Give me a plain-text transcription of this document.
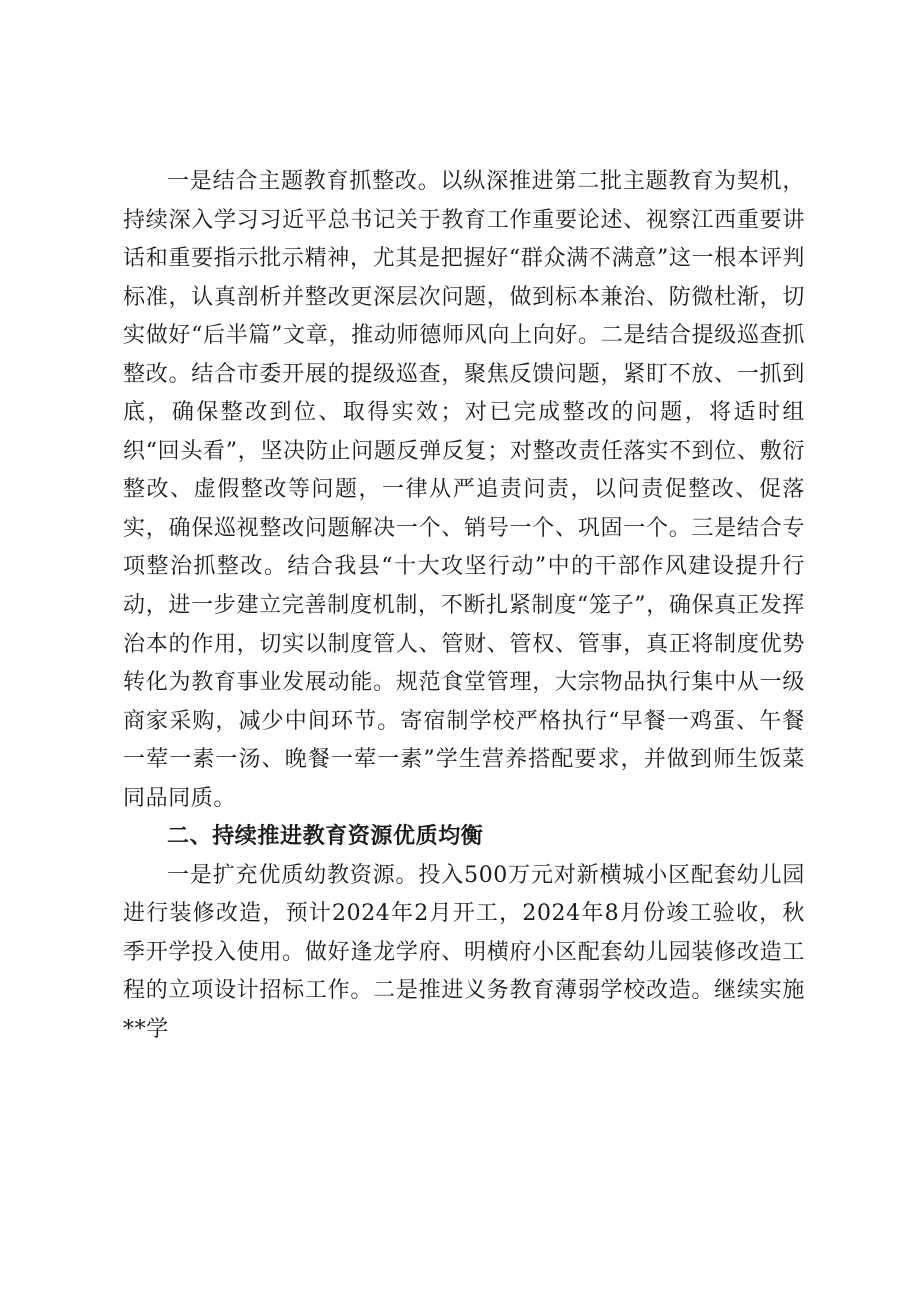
一是结合主题教育抓整改。以纵深推进第二批主题教育为契机，持续深入学习习近平总书记关于教育工作重要论述、视察江西重要讲话和重要指示批示精神，尤其是把握好“群众满不满意”这一根本评判标准，认真剖析并整改更深层次问题，做到标本兼治、防微杜渐，切实做好“后半篇”文章，推动师德师风向上向好。二是结合提级巡查抓整改。结合市委开展的提级巡查，聚焦反馈问题，紧盯不放、一抓到底，确保整改到位、取得实效；对已完成整改的问题，将适时组织“回头看”，坚决防止问题反弹反复；对整改责任落实不到位、敷衍整改、虚假整改等问题，一律从严追责问责，以问责促整改、促落实，确保巡视整改问题解决一个、销号一个、巩固一个。三是结合专项整治抓整改。结合我县“十大攻坚行动”中的干部作风建设提升行动，进一步建立完善制度机制，不断扎紧制度“笼子”，确保真正发挥治本的作用，切实以制度管人、管财、管权、管事，真正将制度优势转化为教育事业发展动能。规范食堂管理，大宗物品执行集中从一级商家采购，减少中间环节。寄宿制学校严格执行“早餐一鸡蛋、午餐一荤一素一汤、晚餐一荤一素”学生营养搭配要求，并做到师生饭菜同品同质。

二、持续推进教育资源优质均衡

一是扩充优质幼教资源。投入500万元对新横城小区配套幼儿园进行装修改造，预计2024年2月开工，2024年8月份竣工验收，秋季开学投入使用。做好逢龙学府、明横府小区配套幼儿园装修改造工程的立项设计招标工作。二是推进义务教育薄弱学校改造。继续实施**学
